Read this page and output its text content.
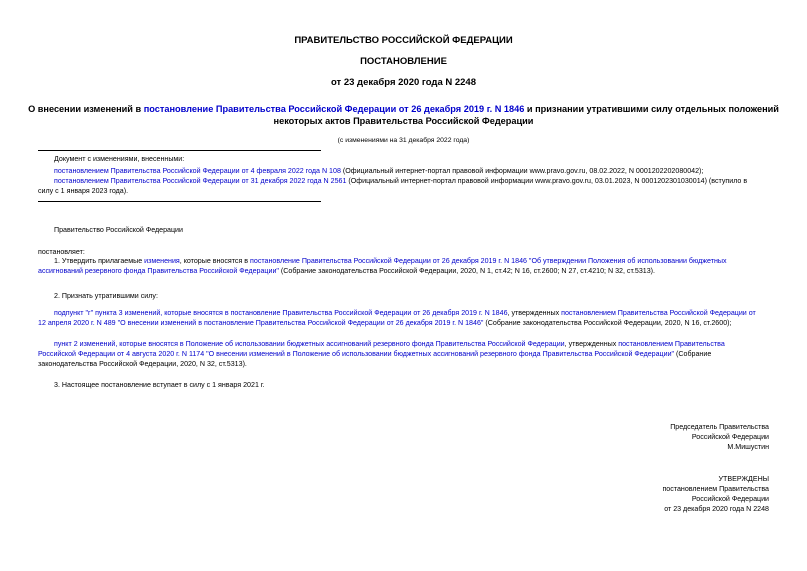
ПРАВИТЕЛЬСТВО РОССИЙСКОЙ ФЕДЕРАЦИИ
ПОСТАНОВЛЕНИЕ
от 23 декабря 2020 года N 2248
О внесении изменений в постановление Правительства Российской Федерации от 26 декабря 2019 г. N 1846 и признании утратившими силу отдельных положений
некоторых актов Правительства Российской Федерации
(с изменениями на 31 декабря 2022 года)
Документ с изменениями, внесенными:
постановлением Правительства Российской Федерации от 4 февраля 2022 года N 108 (Официальный интернет-портал правовой информации www.pravo.gov.ru, 08.02.2022, N 0001202202080042);
постановлением Правительства Российской Федерации от 31 декабря 2022 года N 2561 (Официальный интернет-портал правовой информации www.pravo.gov.ru, 03.01.2023, N 0001202301030014) (вступило в
силу с 1 января 2023 года).
Правительство Российской Федерации
постановляет:
1. Утвердить прилагаемые изменения, которые вносятся в постановление Правительства Российской Федерации от 26 декабря 2019 г. N 1846 "Об утверждении Положения об использовании бюджетных
ассигнований резервного фонда Правительства Российской Федерации" (Собрание законодательства Российской Федерации, 2020, N 1, ст.42; N 16, ст.2600; N 27, ст.4210; N 32, ст.5313).
2. Признать утратившими силу:
подпункт "г" пункта 3 изменений, которые вносятся в постановление Правительства Российской Федерации от 26 декабря 2019 г. N 1846, утвержденных постановлением Правительства Российской Федерации от
12 апреля 2020 г. N 489 "О внесении изменений в постановление Правительства Российской Федерации от 26 декабря 2019 г. N 1846" (Собрание законодательства Российской Федерации, 2020, N 16, ст.2600);
пункт 2 изменений, которые вносятся в Положение об использовании бюджетных ассигнований резервного фонда Правительства Российской Федерации, утвержденных постановлением Правительства
Российской Федерации от 4 августа 2020 г. N 1174 "О внесении изменений в Положение об использовании бюджетных ассигнований резервного фонда Правительства Российской Федерации" (Собрание
законодательства Российской Федерации, 2020, N 32, ст.5313).
3. Настоящее постановление вступает в силу с 1 января 2021 г.
Председатель Правительства
Российской Федерации
М.Мишустин
УТВЕРЖДЕНЫ
постановлением Правительства
Российской Федерации
от 23 декабря 2020 года N 2248
